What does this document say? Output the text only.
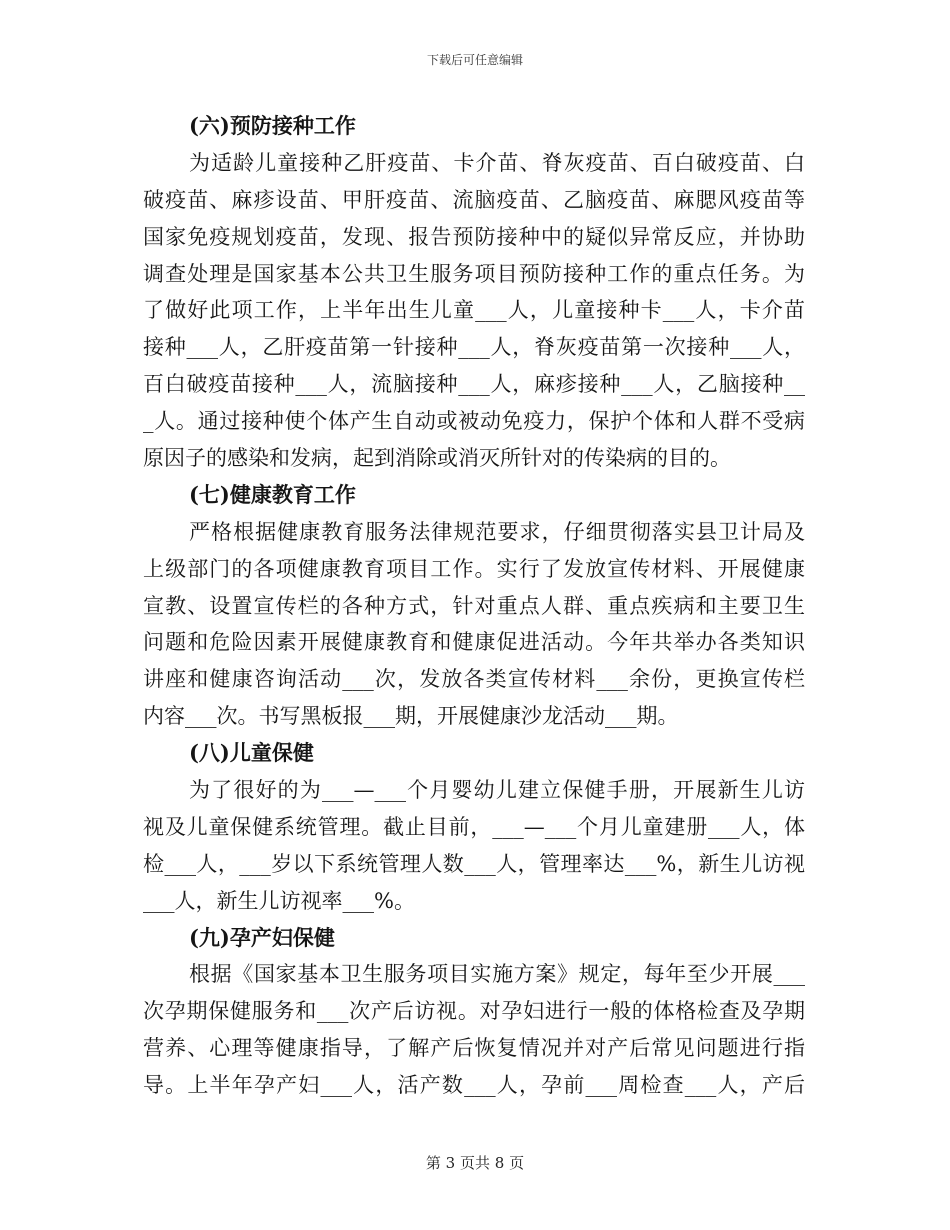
下载后可任意编辑
(六)预防接种工作
为适龄儿童接种乙肝疫苗、卡介苗、脊灰疫苗、百白破疫苗、白
破疫苗、麻疹设苗、甲肝疫苗、流脑疫苗、乙脑疫苗、麻腮风疫苗等
国家免疫规划疫苗，发现、报告预防接种中的疑似异常反应，并协助
调查处理是国家基本公共卫生服务项目预防接种工作的重点任务。为
了做好此项工作，上半年出生儿童___人，儿童接种卡___人，卡介苗
接种___人，乙肝疫苗第一针接种___人，脊灰疫苗第一次接种___人，
百白破疫苗接种___人，流脑接种___人，麻疹接种___人，乙脑接种__
_人。通过接种使个体产生自动或被动免疫力，保护个体和人群不受病
原因子的感染和发病，起到消除或消灭所针对的传染病的目的。
(七)健康教育工作
严格根据健康教育服务法律规范要求，仔细贯彻落实县卫计局及
上级部门的各项健康教育项目工作。实行了发放宣传材料、开展健康
宣教、设置宣传栏的各种方式，针对重点人群、重点疾病和主要卫生
问题和危险因素开展健康教育和健康促进活动。今年共举办各类知识
讲座和健康咨询活动___次，发放各类宣传材料___余份，更换宣传栏
内容___次。书写黑板报___期，开展健康沙龙活动___期。
(八)儿童保健
为了很好的为___—___个月婴幼儿建立保健手册，开展新生儿访
视及儿童保健系统管理。截止目前，___—___个月儿童建册___人，体
检___人，___岁以下系统管理人数___人，管理率达___%，新生儿访视
___人，新生儿访视率___%。
(九)孕产妇保健
根据《国家基本卫生服务项目实施方案》规定，每年至少开展___
次孕期保健服务和___次产后访视。对孕妇进行一般的体格检查及孕期
营养、心理等健康指导，了解产后恢复情况并对产后常见问题进行指
导。上半年孕产妇___人，活产数___人，孕前___周检查___人，产后
第 3 页共 8 页
